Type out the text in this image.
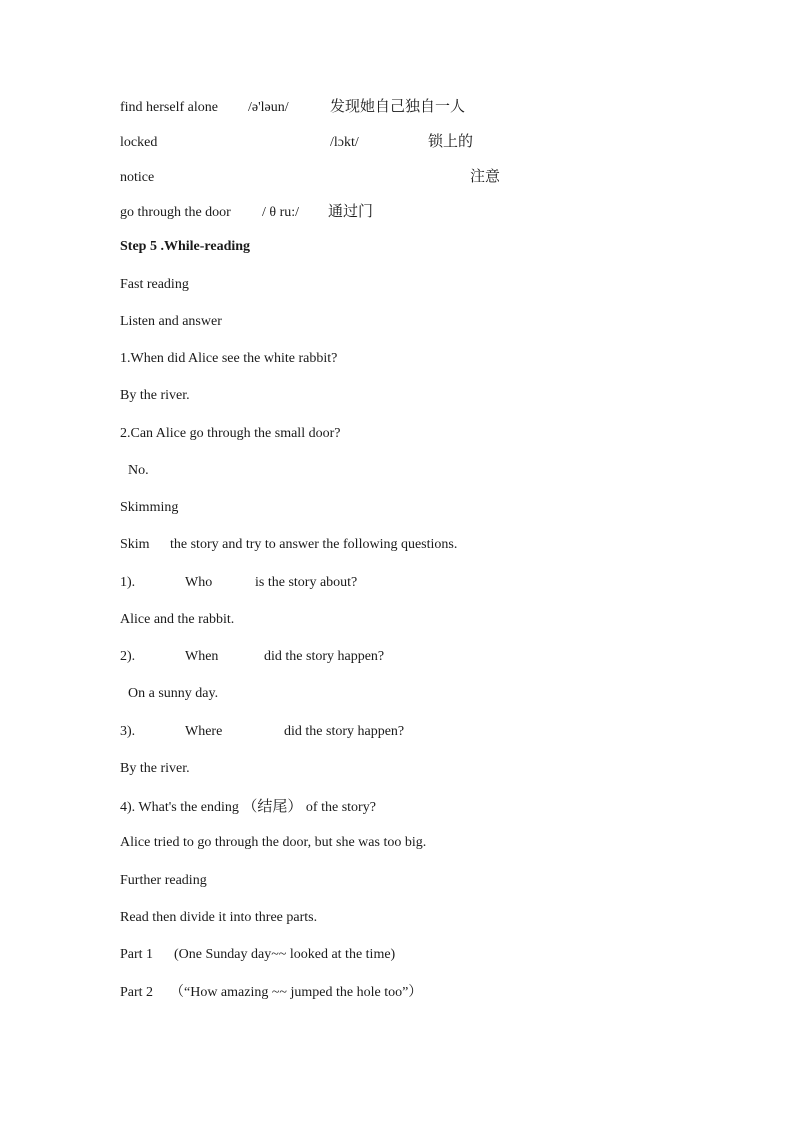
find herself alone /ə'ləun/	发现她自己独自一人
locked	/lɔkt/	锁上的
notice	注意
go through the door / θ ru:/ 通过门
Step 5 .While-reading
Fast reading
Listen and answer
1.When did Alice see the white rabbit?
By the river.
2.Can Alice go through the small door?
No.
Skimming
Skim the story and try to answer the following questions.
1).	Who	is the story about?
Alice and the rabbit.
2).	When	did the story happen?
On a sunny day.
3).	Where	did the story happen?
By the river.
4). What's the ending （结尾） of the story?
Alice tried to go through the door, but she was too big.
Further reading
Read then divide it into three parts.
Part 1 (One Sunday day~~ looked at the time)
Part 2 （“How amazing ~~ jumped the hole too”）
